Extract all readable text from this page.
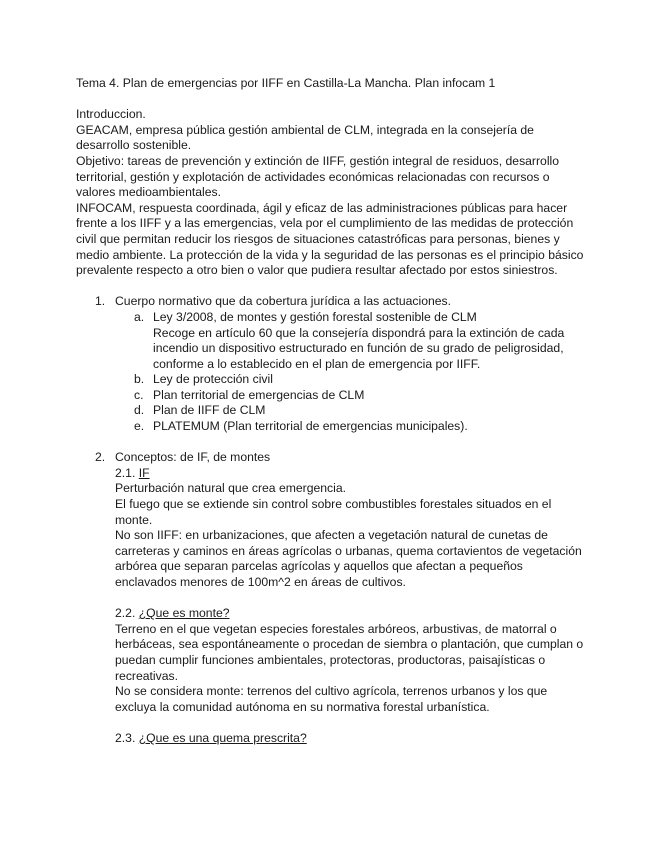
Tema 4. Plan de emergencias por IIFF en Castilla-La Mancha. Plan infocam 1

Introduccion.

GEACAM, empresa pública gestión ambiental de CLM, integrada en la consejería de desarrollo sostenible.

Objetivo: tareas de prevención y extinción de IIFF, gestión integral de residuos, desarrollo territorial, gestión y explotación de actividades económicas relacionadas con recursos o valores medioambientales.

INFOCAM, respuesta coordinada, ágil y eficaz de las administraciones públicas para hacer frente a los IIFF y a las emergencias, vela por el cumplimiento de las medidas de protección civil que permitan reducir los riesgos de situaciones catastróficas para personas, bienes y medio ambiente. La protección de la vida y la seguridad de las personas es el principio básico prevalente respecto a otro bien o valor que pudiera resultar afectado por estos siniestros.

1. Cuerpo normativo que da cobertura jurídica a las actuaciones.

a. Ley 3/2008, de montes y gestión forestal sostenible de CLM

Recoge en artículo 60 que la consejería dispondrá para la extinción de cada incendio un dispositivo estructurado en función de su grado de peligrosidad, conforme a lo establecido en el plan de emergencia por IIFF.

b. Ley de protección civil

c. Plan territorial de emergencias de CLM

d. Plan de IIFF de CLM

e. PLATEMUM (Plan territorial de emergencias municipales).

2. Conceptos: de IF, de montes

2.1. IF

Perturbación natural que crea emergencia.

El fuego que se extiende sin control sobre combustibles forestales situados en el monte.

No son IIFF: en urbanizaciones, que afecten a vegetación natural de cunetas de carreteras y caminos en áreas agrícolas o urbanas, quema cortavientos de vegetación arbórea que separan parcelas agrícolas y aquellos que afectan a pequeños enclavados menores de 100m^2 en áreas de cultivos.

2.2. ¿Que es monte?

Terreno en el que vegetan especies forestales arbóreos, arbustivas, de matorral o herbáceas, sea espontáneamente o procedan de siembra o plantación, que cumplan o puedan cumplir funciones ambientales, protectoras, productoras, paisajísticas o recreativas.

No se considera monte: terrenos del cultivo agrícola, terrenos urbanos y los que excluya la comunidad autónoma en su normativa forestal urbanística.

2.3. ¿Que es una quema prescrita?
